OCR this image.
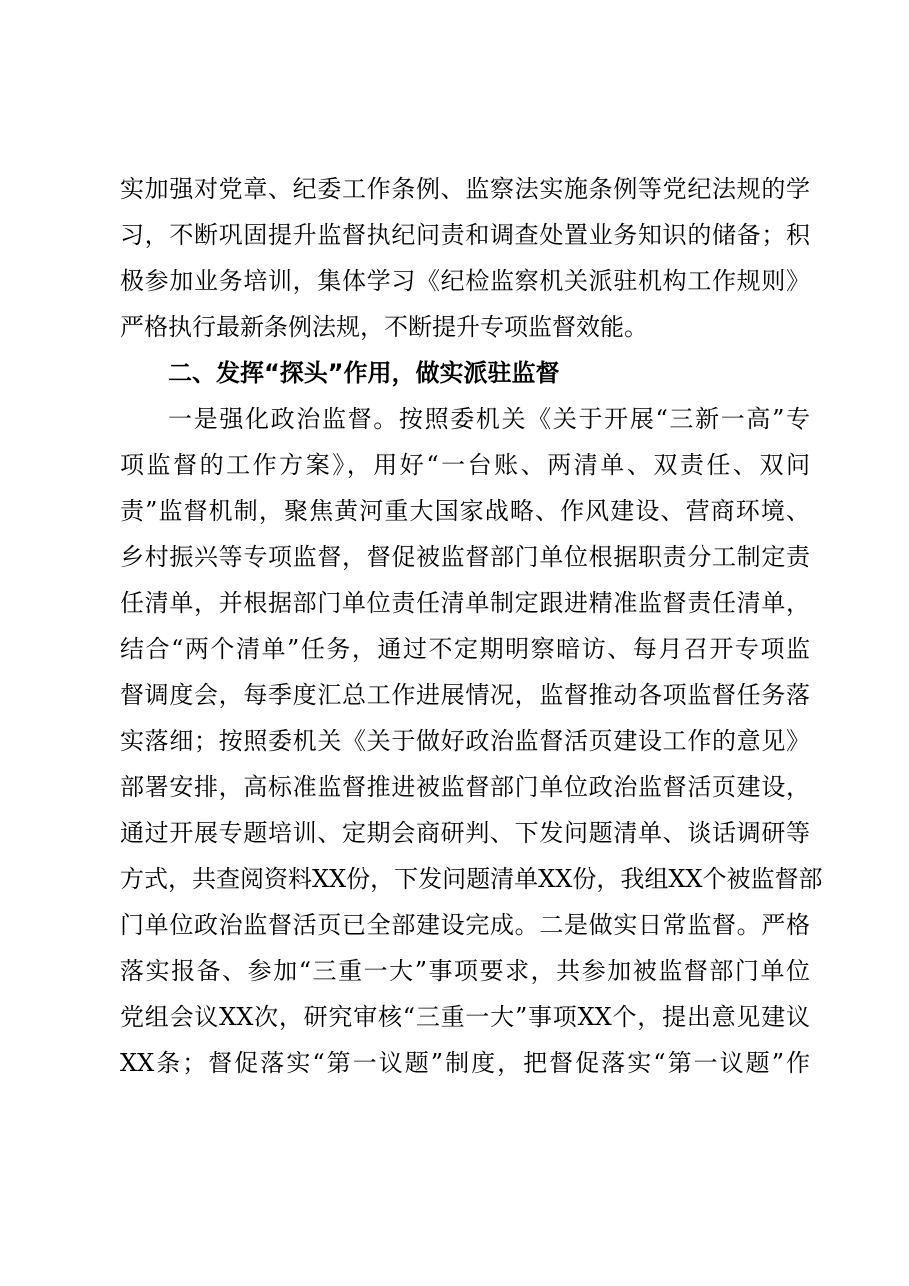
实加强对党章、纪委工作条例、监察法实施条例等党纪法规的学
习，不断巩固提升监督执纪问责和调查处置业务知识的储备；积
极参加业务培训，集体学习《纪检监察机关派驻机构工作规则》
严格执行最新条例法规，不断提升专项监督效能。
二、发挥“探头”作用，做实派驻监督
一是强化政治监督。按照委机关《关于开展“三新一高”专
项监督的工作方案》，用好“一台账、两清单、双责任、双问
责”监督机制，聚焦黄河重大国家战略、作风建设、营商环境、
乡村振兴等专项监督，督促被监督部门单位根据职责分工制定责
任清单，并根据部门单位责任清单制定跟进精准监督责任清单，
结合“两个清单”任务，通过不定期明察暗访、每月召开专项监
督调度会，每季度汇总工作进展情况，监督推动各项监督任务落
实落细；按照委机关《关于做好政治监督活页建设工作的意见》
部署安排，高标准监督推进被监督部门单位政治监督活页建设，
通过开展专题培训、定期会商研判、下发问题清单、谈话调研等
方式，共查阅资料XX份，下发问题清单XX份，我组XX个被监督部
门单位政治监督活页已全部建设完成。二是做实日常监督。严格
落实报备、参加“三重一大”事项要求，共参加被监督部门单位
党组会议XX次，研究审核“三重一大”事项XX个，提出意见建议
XX条；督促落实“第一议题”制度，把督促落实“第一议题”作
